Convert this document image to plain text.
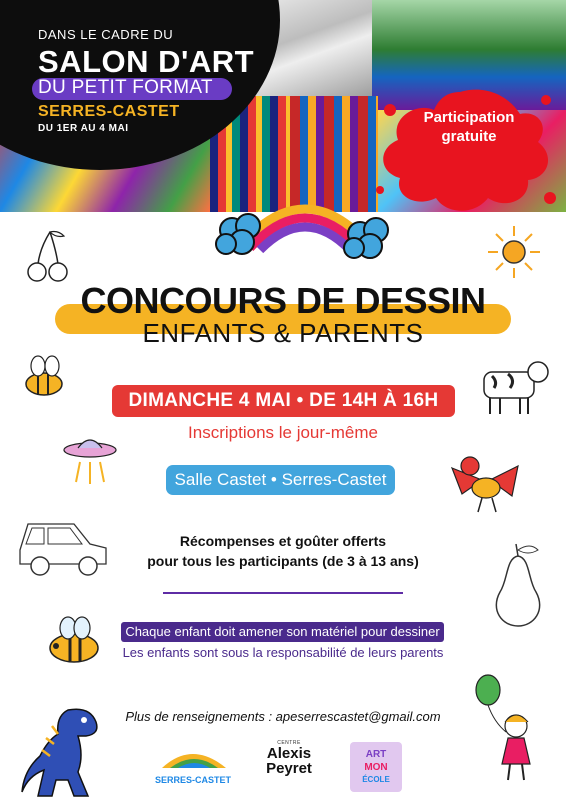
DANS LE CADRE DU
SALON D'ART
DU PETIT FORMAT
SERRES-CASTET
DU 1ER AU 4 MAI
Participation
gratuite
CONCOURS DE DESSIN
ENFANTS & PARENTS
DIMANCHE 4 MAI • DE 14H À 16H
Inscriptions le jour-même
Salle Castet • Serres-Castet
Récompenses et goûter offerts
pour tous les participants (de 3 à 13 ans)
Chaque enfant doit amener son matériel pour dessiner
Les enfants sont sous la responsabilité de leurs parents
Plus de renseignements : apeserrescastet@gmail.com
SERRES-CASTET
CENTRE
Alexis
Peyret
ART
MON
ÉCOLE
